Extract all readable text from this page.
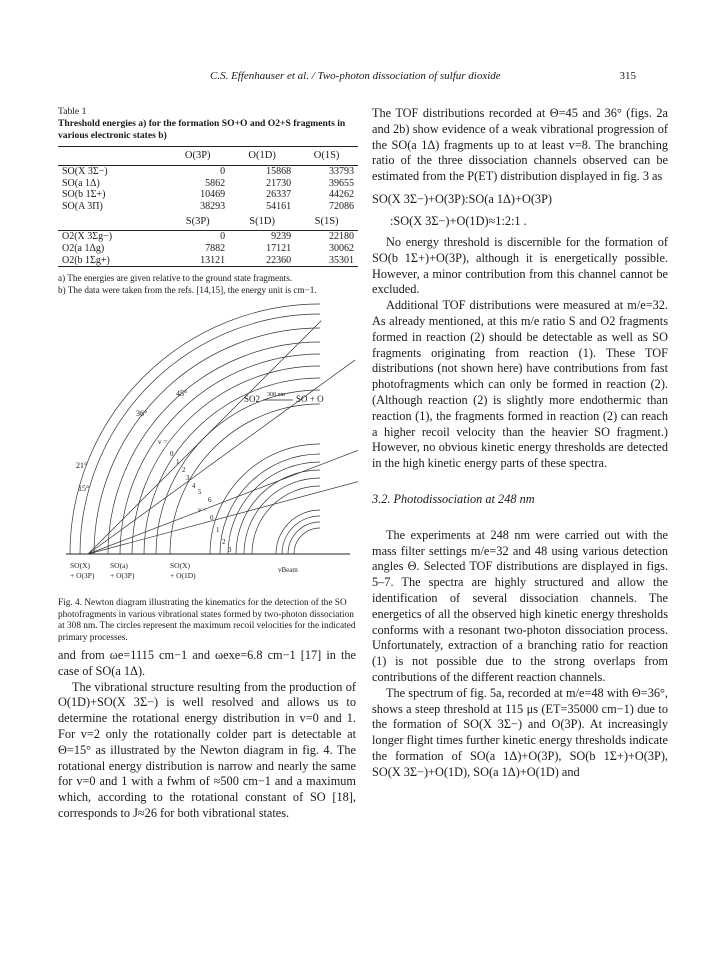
C.S. Effenhauser et al. / Two-photon dissociation of sulfur dioxide	315
Table 1
Threshold energies a) for the formation SO+O and O2+S fragments in various electronic states b)
	O(3P)	O(1D)	O(1S)
SO(X 3Σ−)	0	15868	33793
SO(a 1Δ)	5862	21730	39655
SO(b 1Σ+)	10469	26337	44262
SO(A 3Π)	38293	54161	72086
	S(3P)	S(1D)	S(1S)
O2(X 3Σg−)	0	9239	22180
O2(a 1Δg)	7882	17121	30062
O2(b 1Σg+)	13121	22360	35301
a) The energies are given relative to the ground state fragments.
b) The data were taken from the refs. [14,15], the energy unit is cm−1.
45°
36°
21°
15°
SO2 308 nm SO + O
v =
0
1
2
3
4
5
6
v =
0
1
2
3
SO(X)
+ O(3P)
SO(a)
+ O(3P)
SO(X)
+ O(1D)
vBeam
Fig. 4. Newton diagram illustrating the kinematics for the detection of the SO photofragments in various vibrational states formed by two-photon dissociation at 308 nm. The circles represent the maximum recoil velocities for the indicated primary processes.

and from ωe=1115 cm−1 and ωexe=6.8 cm−1 [17] in the case of SO(a 1Δ).

The vibrational structure resulting from the production of O(1D)+SO(X 3Σ−) is well resolved and allows us to determine the rotational energy distribution in v=0 and 1. For v=2 only the rotationally colder part is detectable at Θ=15° as illustrated by the Newton diagram in fig. 4. The rotational energy distribution is narrow and nearly the same for v=0 and 1 with a fwhm of ≈500 cm−1 and a maximum which, according to the rotational constant of SO [18], corresponds to J≈26 for both vibrational states.

The TOF distributions recorded at Θ=45 and 36° (figs. 2a and 2b) show evidence of a weak vibrational progression of the SO(a 1Δ) fragments up to at least v=8. The branching ratio of the three dissociation channels observed can be estimated from the P(ET) distribution displayed in fig. 3 as

SO(X 3Σ−)+O(3P):SO(a 1Δ)+O(3P)
:SO(X 3Σ−)+O(1D)≈1:2:1 .

No energy threshold is discernible for the formation of SO(b 1Σ+)+O(3P), although it is energetically possible. However, a minor contribution from this channel cannot be excluded.

Additional TOF distributions were measured at m/e=32. As already mentioned, at this m/e ratio S and O2 fragments formed in reaction (2) should be detectable as well as SO fragments originating from reaction (1). These TOF distributions (not shown here) have contributions from fast photofragments which can only be formed in reaction (2). (Although reaction (2) is slightly more endothermic than reaction (1), the fragments formed in reaction (2) can reach a higher recoil velocity than the heavier SO fragment.) However, no obvious kinetic energy thresholds are detected in the high kinetic energy parts of these spectra.

3.2. Photodissociation at 248 nm

The experiments at 248 nm were carried out with the mass filter settings m/e=32 and 48 using various detection angles Θ. Selected TOF distributions are displayed in figs. 5–7. The spectra are highly structured and allow the identification of several dissociation channels. The energetics of all the observed high kinetic energy thresholds conforms with a resonant two-photon dissociation process. Unfortunately, extraction of a branching ratio for reaction (1) is not possible due to the strong overlaps from contributions of the different reaction channels.

The spectrum of fig. 5a, recorded at m/e=48 with Θ=36°, shows a steep threshold at 115 μs (ET=35000 cm−1) due to the formation of SO(X 3Σ−) and O(3P). At increasingly longer flight times further kinetic energy thresholds indicate the formation of SO(a 1Δ)+O(3P), SO(b 1Σ+)+O(3P), SO(X 3Σ−)+O(1D), SO(a 1Δ)+O(1D) and
